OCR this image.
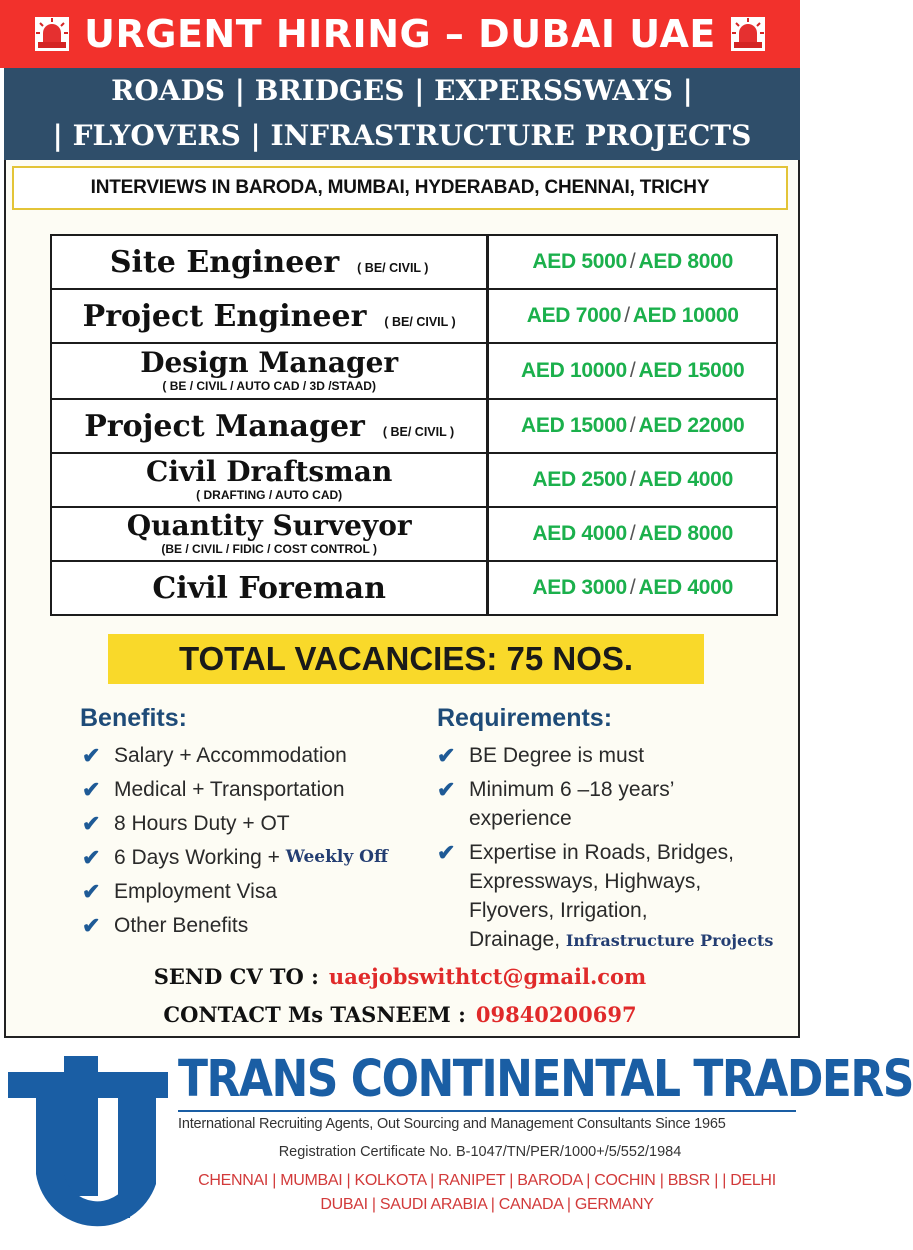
URGENT HIRING – DUBAI UAE
ROADS | BRIDGES | EXPERSSWAYS |
| FLYOVERS | INFRASTRUCTURE PROJECTS
INTERVIEWS IN BARODA, MUMBAI, HYDERABAD, CHENNAI, TRICHY
Site Engineer ( BE/ CIVIL )	AED 5000 / AED 8000

Project Engineer ( BE/ CIVIL )	AED 7000 / AED 10000

Design Manager
( BE / CIVIL / AUTO CAD / 3D /STAAD)	AED 10000 / AED 15000

Project Manager ( BE/ CIVIL )	AED 15000 / AED 22000

Civil Draftsman
( DRAFTING / AUTO CAD)	AED 2500 / AED 4000

Quantity Surveyor
(BE / CIVIL / FIDIC / COST CONTROL )	AED 4000 / AED 8000

Civil Foreman	AED 3000 / AED 4000
TOTAL VACANCIES: 75 NOS.
Benefits:
✔ Salary + Accommodation
✔ Medical + Transportation
✔ 8 Hours Duty + OT
✔ 6 Days Working +
Weekly Off
✔ Employment Visa
✔ Other Benefits
Requirements:
✔ BE Degree is must
✔ Minimum 6 –18 years’
experience
✔ Expertise in Roads, Bridges,
Expressways, Highways,
Flyovers, Irrigation,
Drainage, Infrastructure Projects
SEND CV TO : uaejobswithtct@gmail.com
CONTACT Ms TASNEEM : 09840200697
TRANS CONTINENTAL TRADERS
International Recruiting Agents, Out Sourcing and Management Consultants Since 1965
Registration Certificate No. B-1047/TN/PER/1000+/5/552/1984
CHENNAI | MUMBAI | KOLKOTA | RANIPET | BARODA | COCHIN | BBSR | | DELHI
DUBAI | SAUDI ARABIA | CANADA | GERMANY
